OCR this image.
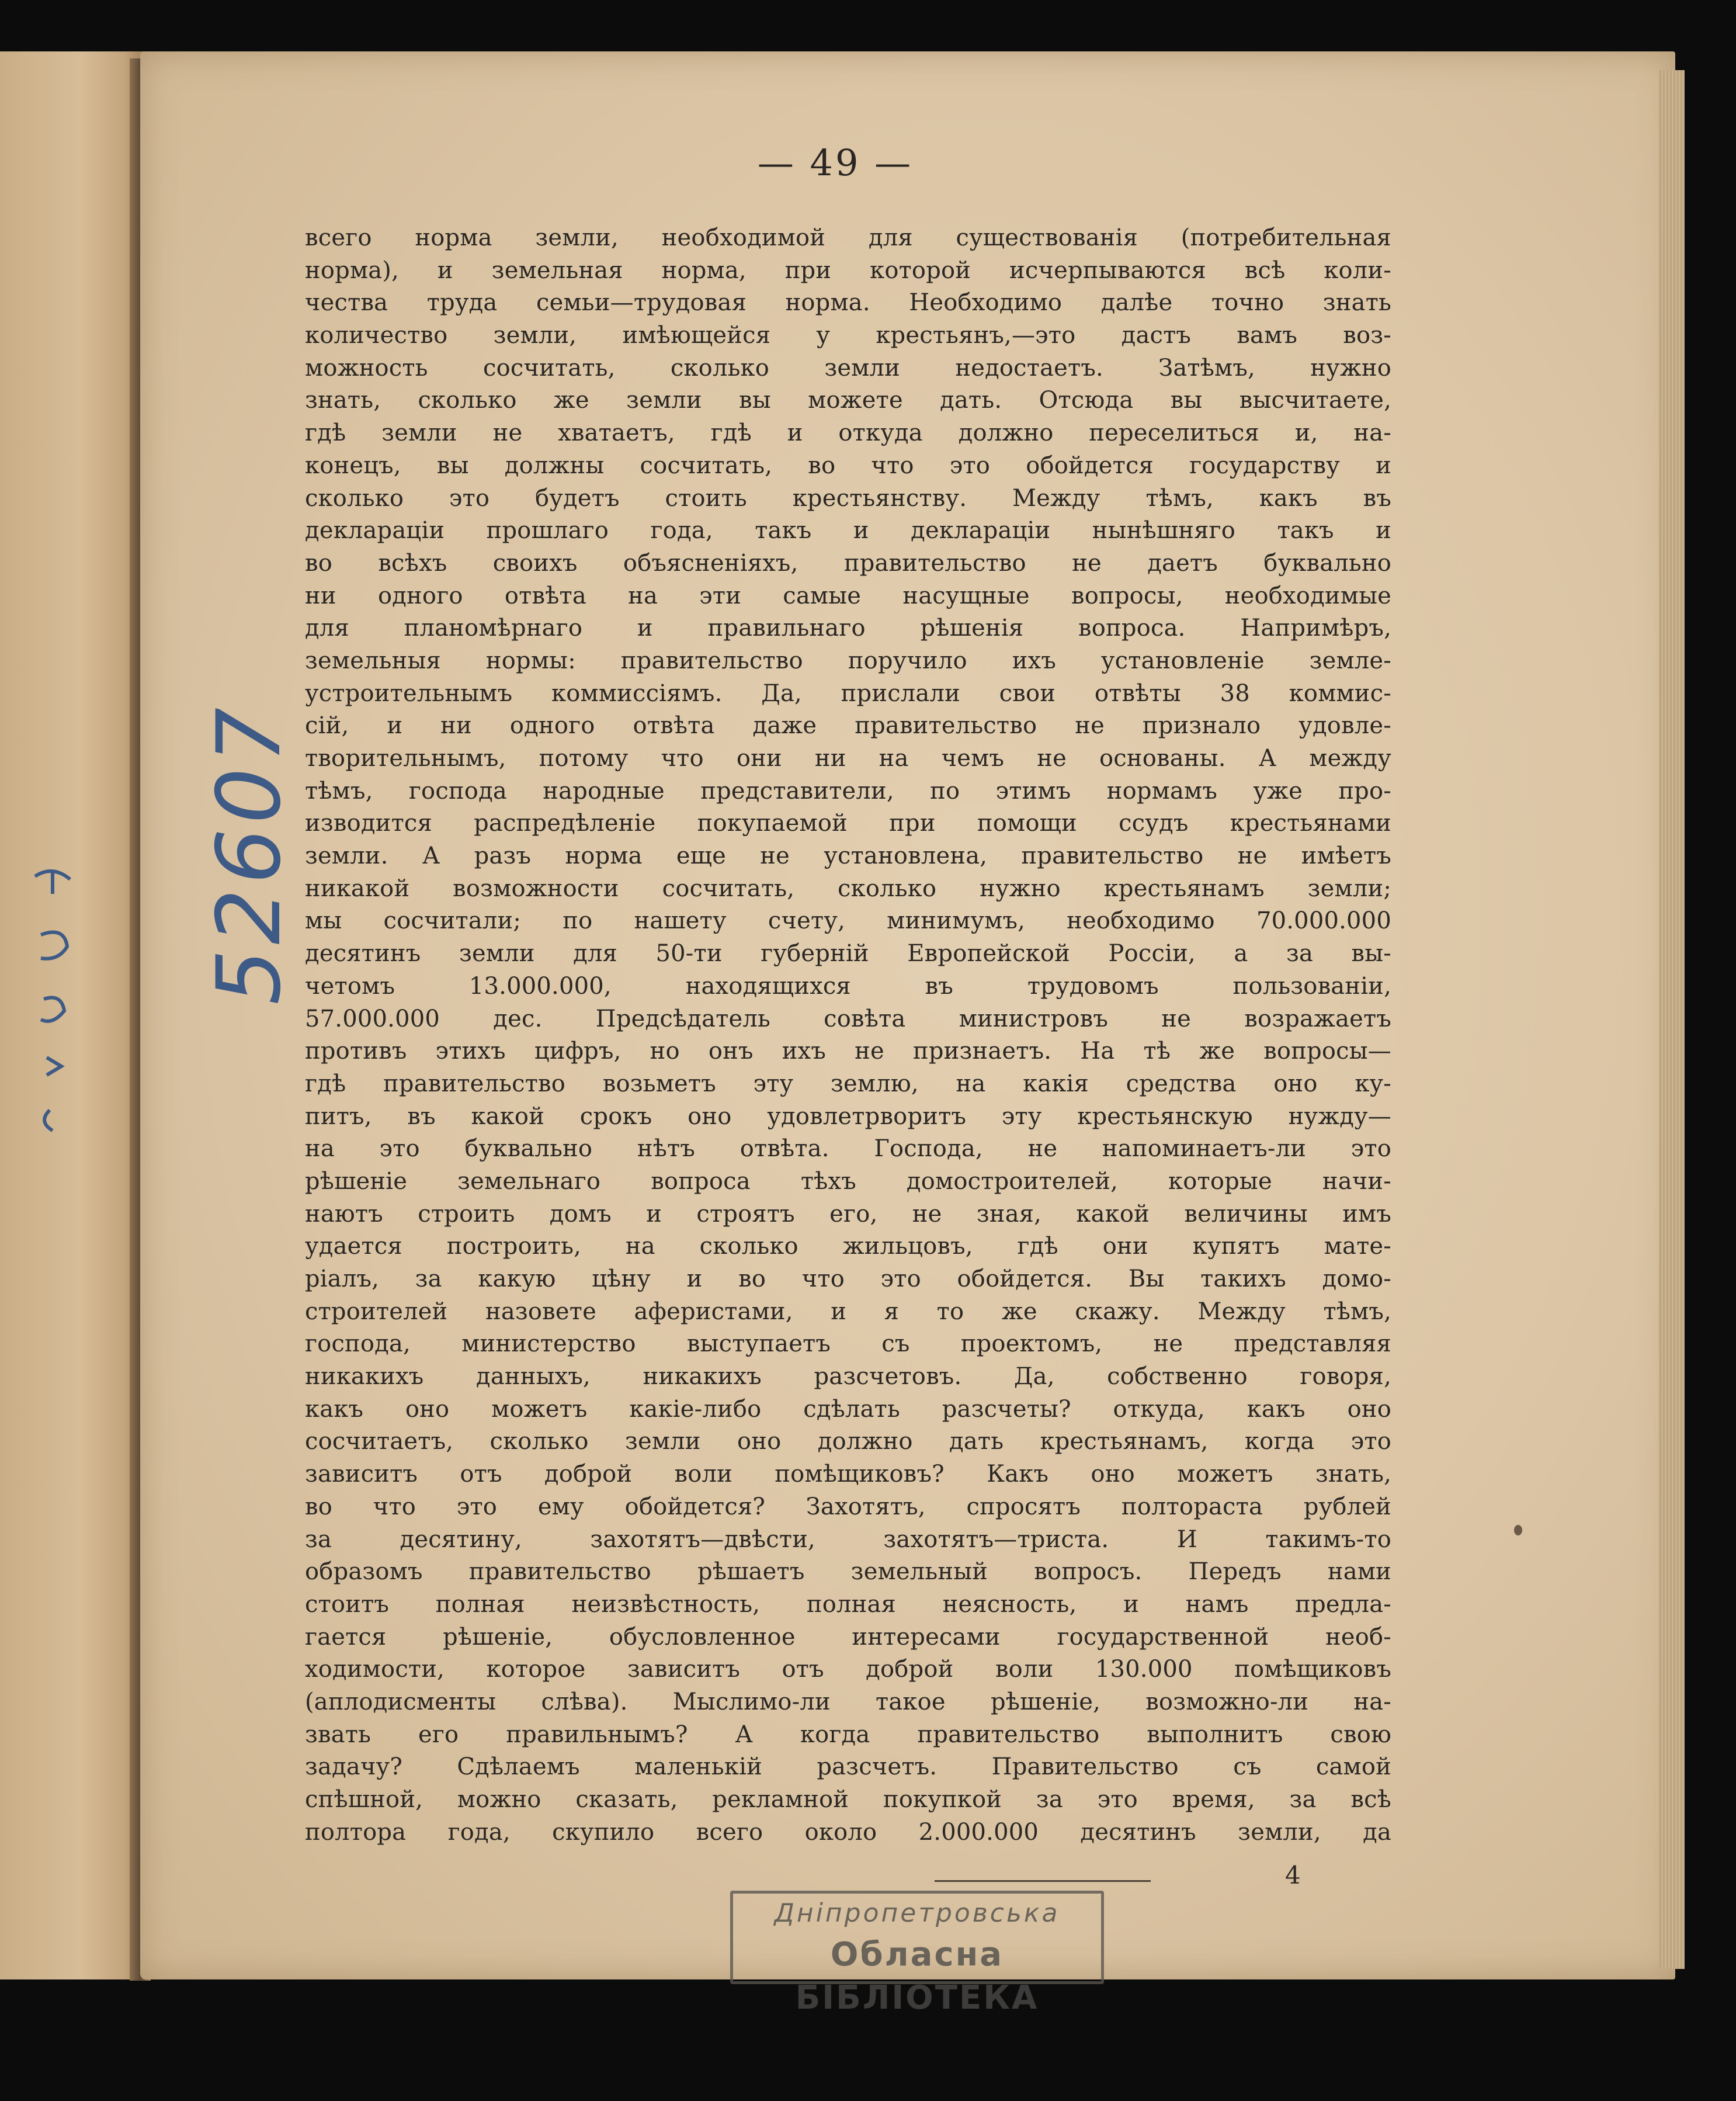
52607
— 49 —
всего норма земли, необходимой для существованія (потребительная
норма), и земельная норма, при которой исчерпываются всѣ коли-
чества труда семьи—трудовая норма. Необходимо далѣе точно знать
количество земли, имѣющейся у крестьянъ,—это дастъ вамъ воз-
можность сосчитать, сколько земли недостаетъ. Затѣмъ, нужно
знать, сколько же земли вы можете дать. Отсюда вы высчитаете,
гдѣ земли не хватаетъ, гдѣ и откуда должно переселиться и, на-
конецъ, вы должны сосчитать, во что это обойдется государству и
сколько это будетъ стоить крестьянству. Между тѣмъ, какъ въ
деклараціи прошлаго года, такъ и деклараціи нынѣшняго такъ и
во всѣхъ своихъ объясненіяхъ, правительство не даетъ буквально
ни одного отвѣта на эти самые насущные вопросы, необходимые
для планомѣрнаго и правильнаго рѣшенія вопроса. Напримѣръ,
земельныя нормы: правительство поручило ихъ установленіе земле-
устроительнымъ коммиссіямъ. Да, прислали свои отвѣты 38 коммис-
сій, и ни одного отвѣта даже правительство не признало удовле-
творительнымъ, потому что они ни на чемъ не основаны. А между
тѣмъ, господа народные представители, по этимъ нормамъ уже про-
изводится распредѣленіе покупаемой при помощи ссудъ крестьянами
земли. А разъ норма еще не установлена, правительство не имѣетъ
никакой возможности сосчитать, сколько нужно крестьянамъ земли;
мы сосчитали; по нашету счету, минимумъ, необходимо 70.000.000
десятинъ земли для 50-ти губерній Европейской Россіи, а за вы-
четомъ 13.000.000, находящихся въ трудовомъ пользованіи,
57.000.000 дес. Предсѣдатель совѣта министровъ не возражаетъ
противъ этихъ цифръ, но онъ ихъ не признаетъ. На тѣ же вопросы—
гдѣ правительство возьметъ эту землю, на какія средства оно ку-
питъ, въ какой срокъ оно удовлетрворитъ эту крестьянскую нужду—
на это буквально нѣтъ отвѣта. Господа, не напоминаетъ-ли это
рѣшеніе земельнаго вопроса тѣхъ домостроителей, которые начи-
наютъ строить домъ и строятъ его, не зная, какой величины имъ
удается построить, на сколько жильцовъ, гдѣ они купятъ мате-
ріалъ, за какую цѣну и во что это обойдется. Вы такихъ домо-
строителей назовете аферистами, и я то же скажу. Между тѣмъ,
господа, министерство выступаетъ съ проектомъ, не представляя
никакихъ данныхъ, никакихъ разсчетовъ. Да, собственно говоря,
какъ оно можетъ какіе-либо сдѣлать разсчеты? откуда, какъ оно
сосчитаетъ, сколько земли оно должно дать крестьянамъ, когда это
зависитъ отъ доброй воли помѣщиковъ? Какъ оно можетъ знать,
во что это ему обойдется? Захотятъ, спросятъ полтораста рублей
за десятину, захотятъ—двѣсти, захотятъ—триста. И такимъ-то
образомъ правительство рѣшаетъ земельный вопросъ. Передъ нами
стоитъ полная неизвѣстность, полная неясность, и намъ предла-
гается рѣшеніе, обусловленное интересами государственной необ-
ходимости, которое зависитъ отъ доброй воли 130.000 помѣщиковъ
(аплодисменты слѣва). Мыслимо-ли такое рѣшеніе, возможно-ли на-
звать его правильнымъ? А когда правительство выполнитъ свою
задачу? Сдѣлаемъ маленькій разсчетъ. Правительство съ самой
спѣшной, можно сказать, рекламной покупкой за это время, за всѣ
полтора года, скупило всего около 2.000.000 десятинъ земли, да
4
Дніпропетровська
Обласна БІБЛІОТЕКА
